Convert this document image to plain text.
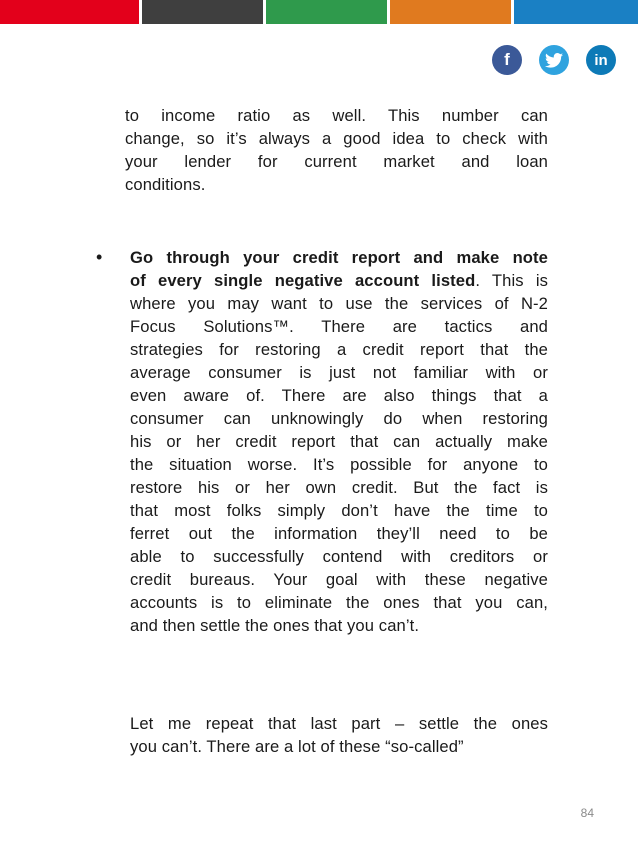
f	in

to income ratio as well. This number can

change, so it’s always a good idea to check with

your lender for current market and loan

conditions.

• Go through your credit report and make note

of every single negative account listed. This is

where you may want to use the services of N-2

Focus Solutions™. There are tactics and

strategies for restoring a credit report that the

average consumer is just not familiar with or

even aware of. There are also things that a

consumer can unknowingly do when restoring

his or her credit report that can actually make

the situation worse. It’s possible for anyone to

restore his or her own credit. But the fact is

that most folks simply don’t have the time to

ferret out the information they’ll need to be

able to successfully contend with creditors or

credit bureaus. Your goal with these negative

accounts is to eliminate the ones that you can,

and then settle the ones that you can’t.

Let me repeat that last part – settle the ones

you can’t. There are a lot of these “so-called”

84
